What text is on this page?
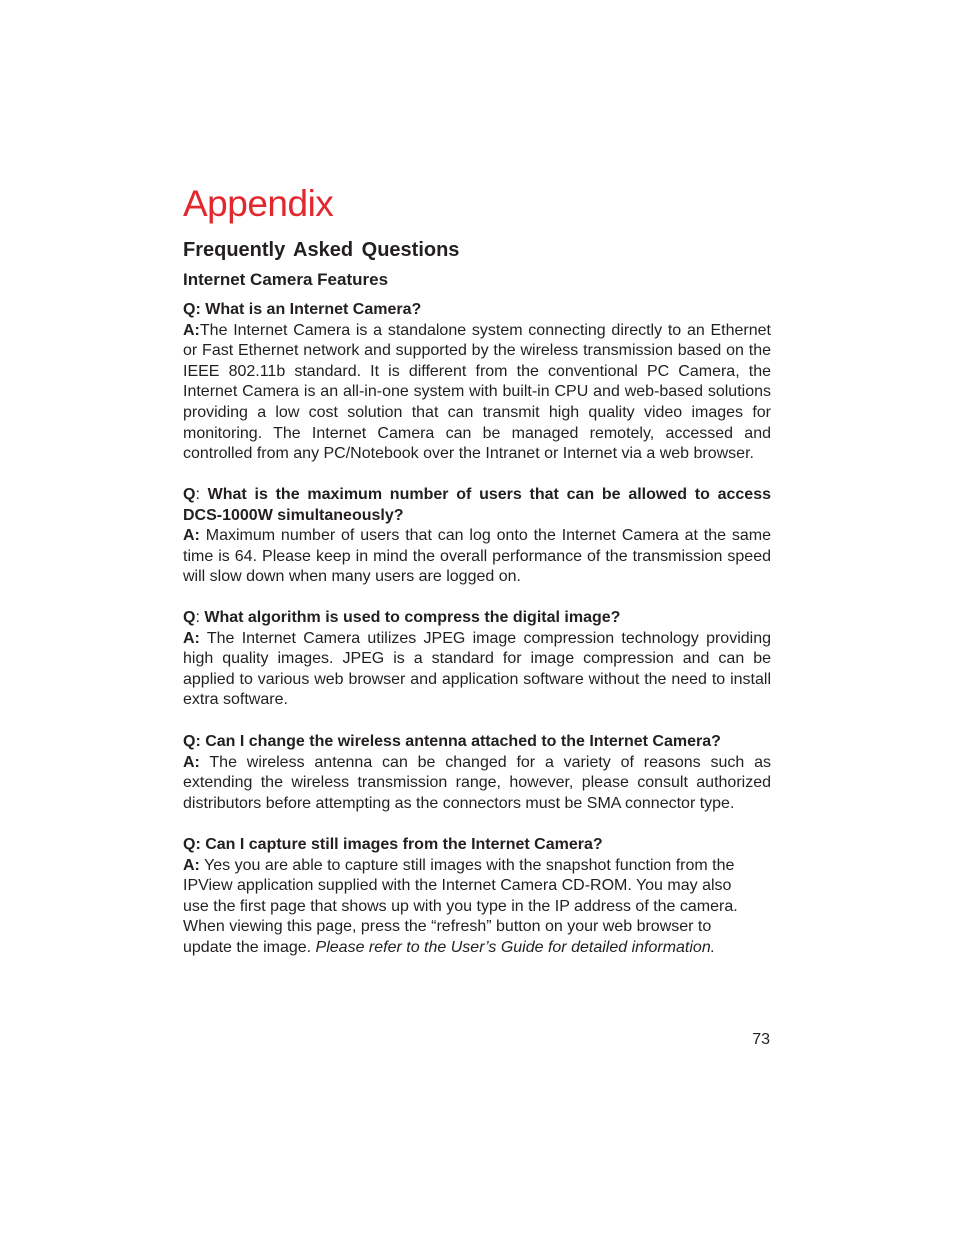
Appendix
Frequently Asked Questions
Internet Camera Features
Q: What is an Internet Camera?
A:The Internet Camera is a standalone system connecting directly to an Ethernet or Fast Ethernet network and supported by the wireless transmission based on the IEEE 802.11b standard. It is different from the conventional PC Camera, the Internet Camera is an all-in-one system with built-in CPU and web-based solutions providing a low cost solution that can transmit high quality video images for monitoring. The Internet Camera can be managed remotely, accessed and controlled from any PC/Notebook over the Intranet or Internet via a web browser.
Q: What is the maximum number of users that can be allowed to access DCS-1000W simultaneously?
A: Maximum number of users that can log onto the Internet Camera at the same time is 64. Please keep in mind the overall performance of the transmission speed will slow down when many users are logged on.
Q: What algorithm is used to compress the digital image?
A: The Internet Camera utilizes JPEG image compression technology providing high quality images. JPEG is a standard for image compression and can be applied to various web browser and application software without the need to install extra software.
Q: Can I change the wireless antenna attached to the Internet Camera?
A: The wireless antenna can be changed for a variety of reasons such as extending the wireless transmission range, however, please consult authorized distributors before attempting as the connectors must be SMA connector type.
Q: Can I capture still images from the Internet Camera?
A: Yes you are able to capture still images with the snapshot function from the IPView application supplied with the Internet Camera CD-ROM. You may also use the first page that shows up with you type in the IP address of the camera. When viewing this page, press the “refresh” button on your web browser to update the image. Please refer to the User’s Guide for detailed information.
73
